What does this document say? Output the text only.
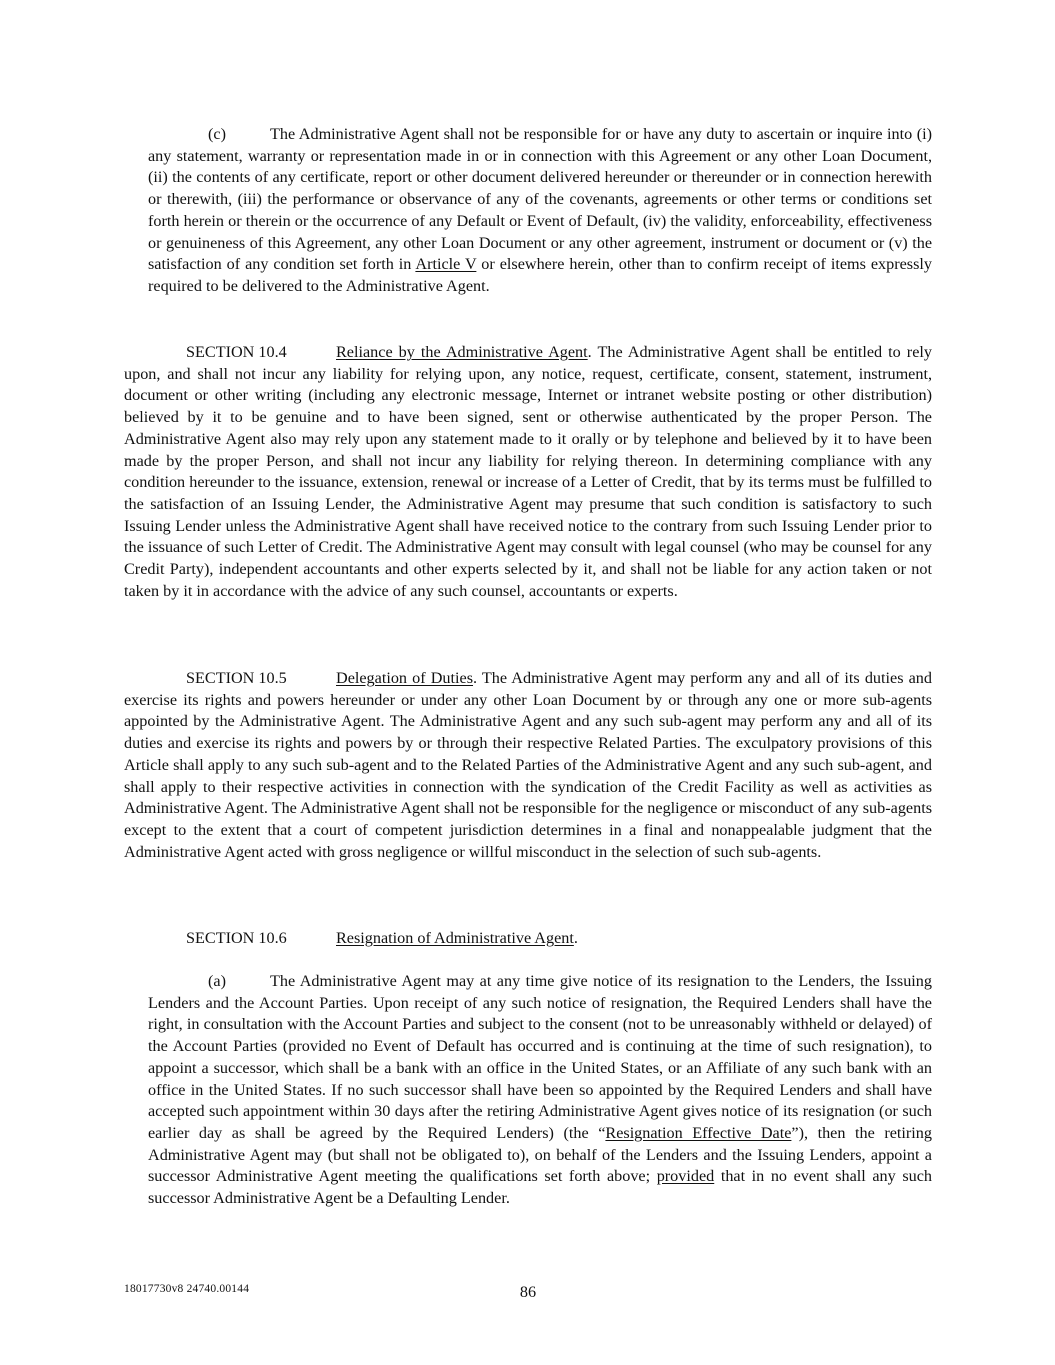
(c)	The Administrative Agent shall not be responsible for or have any duty to ascertain or inquire into (i) any statement, warranty or representation made in or in connection with this Agreement or any other Loan Document, (ii) the contents of any certificate, report or other document delivered hereunder or thereunder or in connection herewith or therewith, (iii) the performance or observance of any of the covenants, agreements or other terms or conditions set forth herein or therein or the occurrence of any Default or Event of Default, (iv) the validity, enforceability, effectiveness or genuineness of this Agreement, any other Loan Document or any other agreement, instrument or document or (v) the satisfaction of any condition set forth in Article V or elsewhere herein, other than to confirm receipt of items expressly required to be delivered to the Administrative Agent.

SECTION 10.4	Reliance by the Administrative Agent. The Administrative Agent shall be entitled to rely upon, and shall not incur any liability for relying upon, any notice, request, certificate, consent, statement, instrument, document or other writing (including any electronic message, Internet or intranet website posting or other distribution) believed by it to be genuine and to have been signed, sent or otherwise authenticated by the proper Person. The Administrative Agent also may rely upon any statement made to it orally or by telephone and believed by it to have been made by the proper Person, and shall not incur any liability for relying thereon. In determining compliance with any condition hereunder to the issuance, extension, renewal or increase of a Letter of Credit, that by its terms must be fulfilled to the satisfaction of an Issuing Lender, the Administrative Agent may presume that such condition is satisfactory to such Issuing Lender unless the Administrative Agent shall have received notice to the contrary from such Issuing Lender prior to the issuance of such Letter of Credit. The Administrative Agent may consult with legal counsel (who may be counsel for any Credit Party), independent accountants and other experts selected by it, and shall not be liable for any action taken or not taken by it in accordance with the advice of any such counsel, accountants or experts.

SECTION 10.5	Delegation of Duties. The Administrative Agent may perform any and all of its duties and exercise its rights and powers hereunder or under any other Loan Document by or through any one or more sub-agents appointed by the Administrative Agent. The Administrative Agent and any such sub-agent may perform any and all of its duties and exercise its rights and powers by or through their respective Related Parties. The exculpatory provisions of this Article shall apply to any such sub-agent and to the Related Parties of the Administrative Agent and any such sub-agent, and shall apply to their respective activities in connection with the syndication of the Credit Facility as well as activities as Administrative Agent. The Administrative Agent shall not be responsible for the negligence or misconduct of any sub-agents except to the extent that a court of competent jurisdiction determines in a final and nonappealable judgment that the Administrative Agent acted with gross negligence or willful misconduct in the selection of such sub-agents.

SECTION 10.6	Resignation of Administrative Agent.

(a)	The Administrative Agent may at any time give notice of its resignation to the Lenders, the Issuing Lenders and the Account Parties. Upon receipt of any such notice of resignation, the Required Lenders shall have the right, in consultation with the Account Parties and subject to the consent (not to be unreasonably withheld or delayed) of the Account Parties (provided no Event of Default has occurred and is continuing at the time of such resignation), to appoint a successor, which shall be a bank with an office in the United States, or an Affiliate of any such bank with an office in the United States. If no such successor shall have been so appointed by the Required Lenders and shall have accepted such appointment within 30 days after the retiring Administrative Agent gives notice of its resignation (or such earlier day as shall be agreed by the Required Lenders) (the “Resignation Effective Date”), then the retiring Administrative Agent may (but shall not be obligated to), on behalf of the Lenders and the Issuing Lenders, appoint a successor Administrative Agent meeting the qualifications set forth above; provided that in no event shall any such successor Administrative Agent be a Defaulting Lender.

18017730v8 24740.00144	86
